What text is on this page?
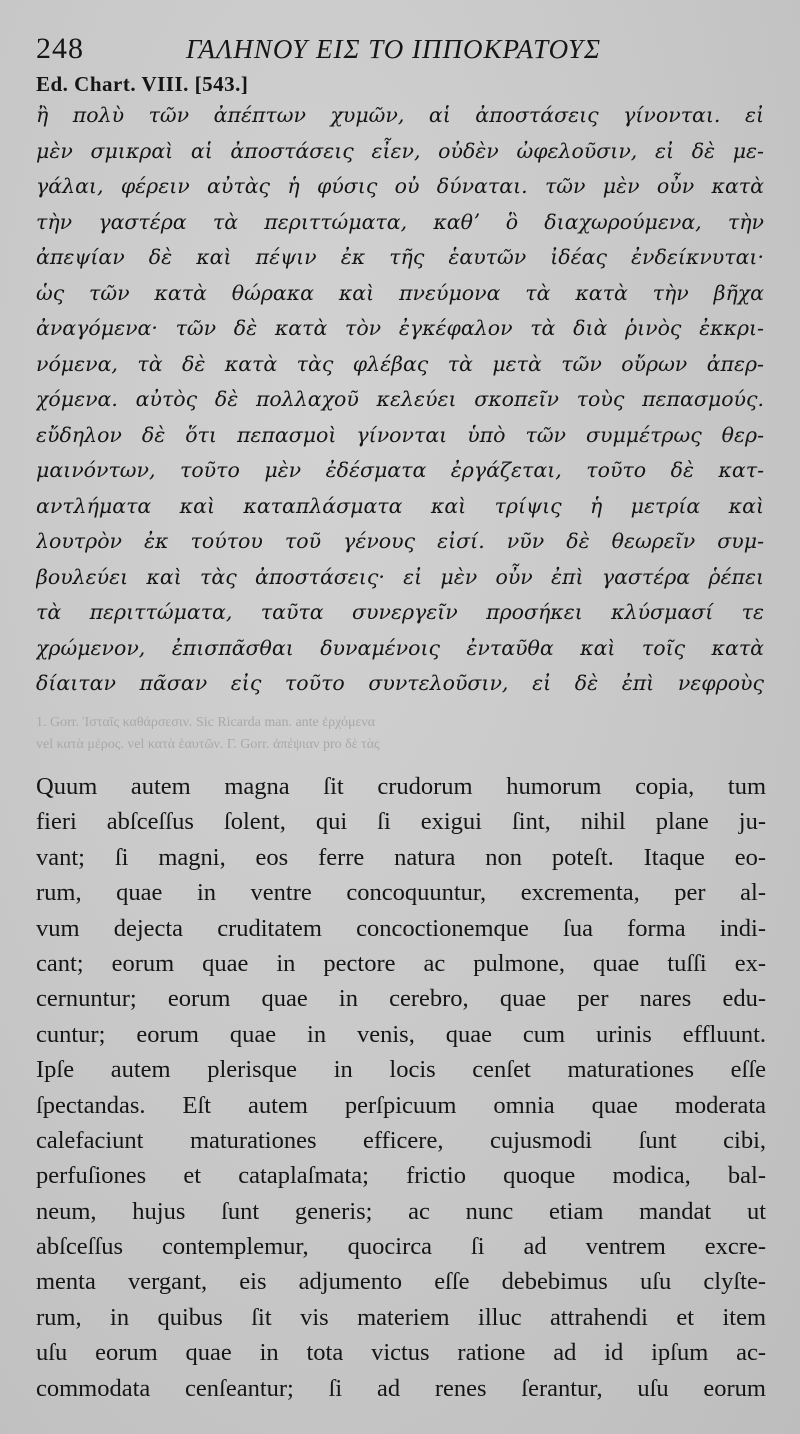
248	ΓΑΛΗΝΟΥ ΕΙΣ ΤΟ ΙΠΠΟΚΡΑΤΟΥΣ
Ed. Chart. VIII. [543.]
ἢ πολὺ τῶν ἀπέπτων χυμῶν, αἱ ἀποστάσεις γίνονται. εἰ
μὲν σμικραὶ αἱ ἀποστάσεις εἶεν, οὐδὲν ὠφελοῦσιν, εἰ δὲ με-
γάλαι, φέρειν αὐτὰς ἡ φύσις οὐ δύναται. τῶν μὲν οὖν κατὰ
τὴν γαστέρα τὰ περιττώματα, καθʼ ὃ διαχωρούμενα, τὴν
ἀπεψίαν δὲ καὶ πέψιν ἐκ τῆς ἑαυτῶν ἰδέας ἐνδείκνυται·
ὡς τῶν κατὰ θώρακα καὶ πνεύμονα τὰ κατὰ τὴν βῆχα
ἀναγόμενα· τῶν δὲ κατὰ τὸν ἐγκέφαλον τὰ διὰ ῥινὸς ἐκκρι-
νόμενα, τὰ δὲ κατὰ τὰς φλέβας τὰ μετὰ τῶν οὔρων ἀπερ-
χόμενα. αὐτὸς δὲ πολλαχοῦ κελεύει σκοπεῖν τοὺς πεπασμούς.
εὔδηλον δὲ ὅτι πεπασμοὶ γίνονται ὑπὸ τῶν συμμέτρως θερ-
μαινόντων, τοῦτο μὲν ἐδέσματα ἐργάζεται, τοῦτο δὲ κατ-
αντλήματα καὶ καταπλάσματα καὶ τρίψις ἡ μετρία καὶ
λουτρὸν ἐκ τούτου τοῦ γένους εἰσί. νῦν δὲ θεωρεῖν συμ-
βουλεύει καὶ τὰς ἀποστάσεις· εἰ μὲν οὖν ἐπὶ γαστέρα ῥέπει
τὰ περιττώματα, ταῦτα συνεργεῖν προσήκει κλύσμασί τε
χρώμενον, ἐπισπᾶσθαι δυναμένοις ἐνταῦθα καὶ τοῖς κατὰ
δίαιταν πᾶσαν εἰς τοῦτο συντελοῦσιν, εἰ δὲ ἐπὶ νεφροὺς
1. Gorr. Ἱσταῖς καθάρσεσιν. Sic Ricarda man. ante ἐρχόμενα
vel κατὰ μέρος. vel κατὰ ἑαυτῶν. Γ. Gorr. ἀπέψιαν pro δὲ τὰς
Quum autem magna ſit crudorum humorum copia, tum
fieri abſceſſus ſolent, qui ſi exigui ſint, nihil plane ju-
vant; ſi magni, eos ferre natura non poteſt. Itaque eo-
rum, quae in ventre concoquuntur, excrementa, per al-
vum dejecta cruditatem concoctionemque ſua forma indi-
cant; eorum quae in pectore ac pulmone, quae tuſſi ex-
cernuntur; eorum quae in cerebro, quae per nares edu-
cuntur; eorum quae in venis, quae cum urinis effluunt.
Ipſe autem plerisque in locis cenſet maturationes eſſe
ſpectandas. Eſt autem perſpicuum omnia quae moderata
calefaciunt maturationes efficere, cujusmodi ſunt cibi,
perfuſiones et cataplaſmata; frictio quoque modica, bal-
neum, hujus ſunt generis; ac nunc etiam mandat ut
abſceſſus contemplemur, quocirca ſi ad ventrem excre-
menta vergant, eis adjumento eſſe debebimus uſu clyſte-
rum, in quibus ſit vis materiem illuc attrahendi et item
uſu eorum quae in tota victus ratione ad id ipſum ac-
commodata cenſeantur; ſi ad renes ſerantur, uſu eorum
